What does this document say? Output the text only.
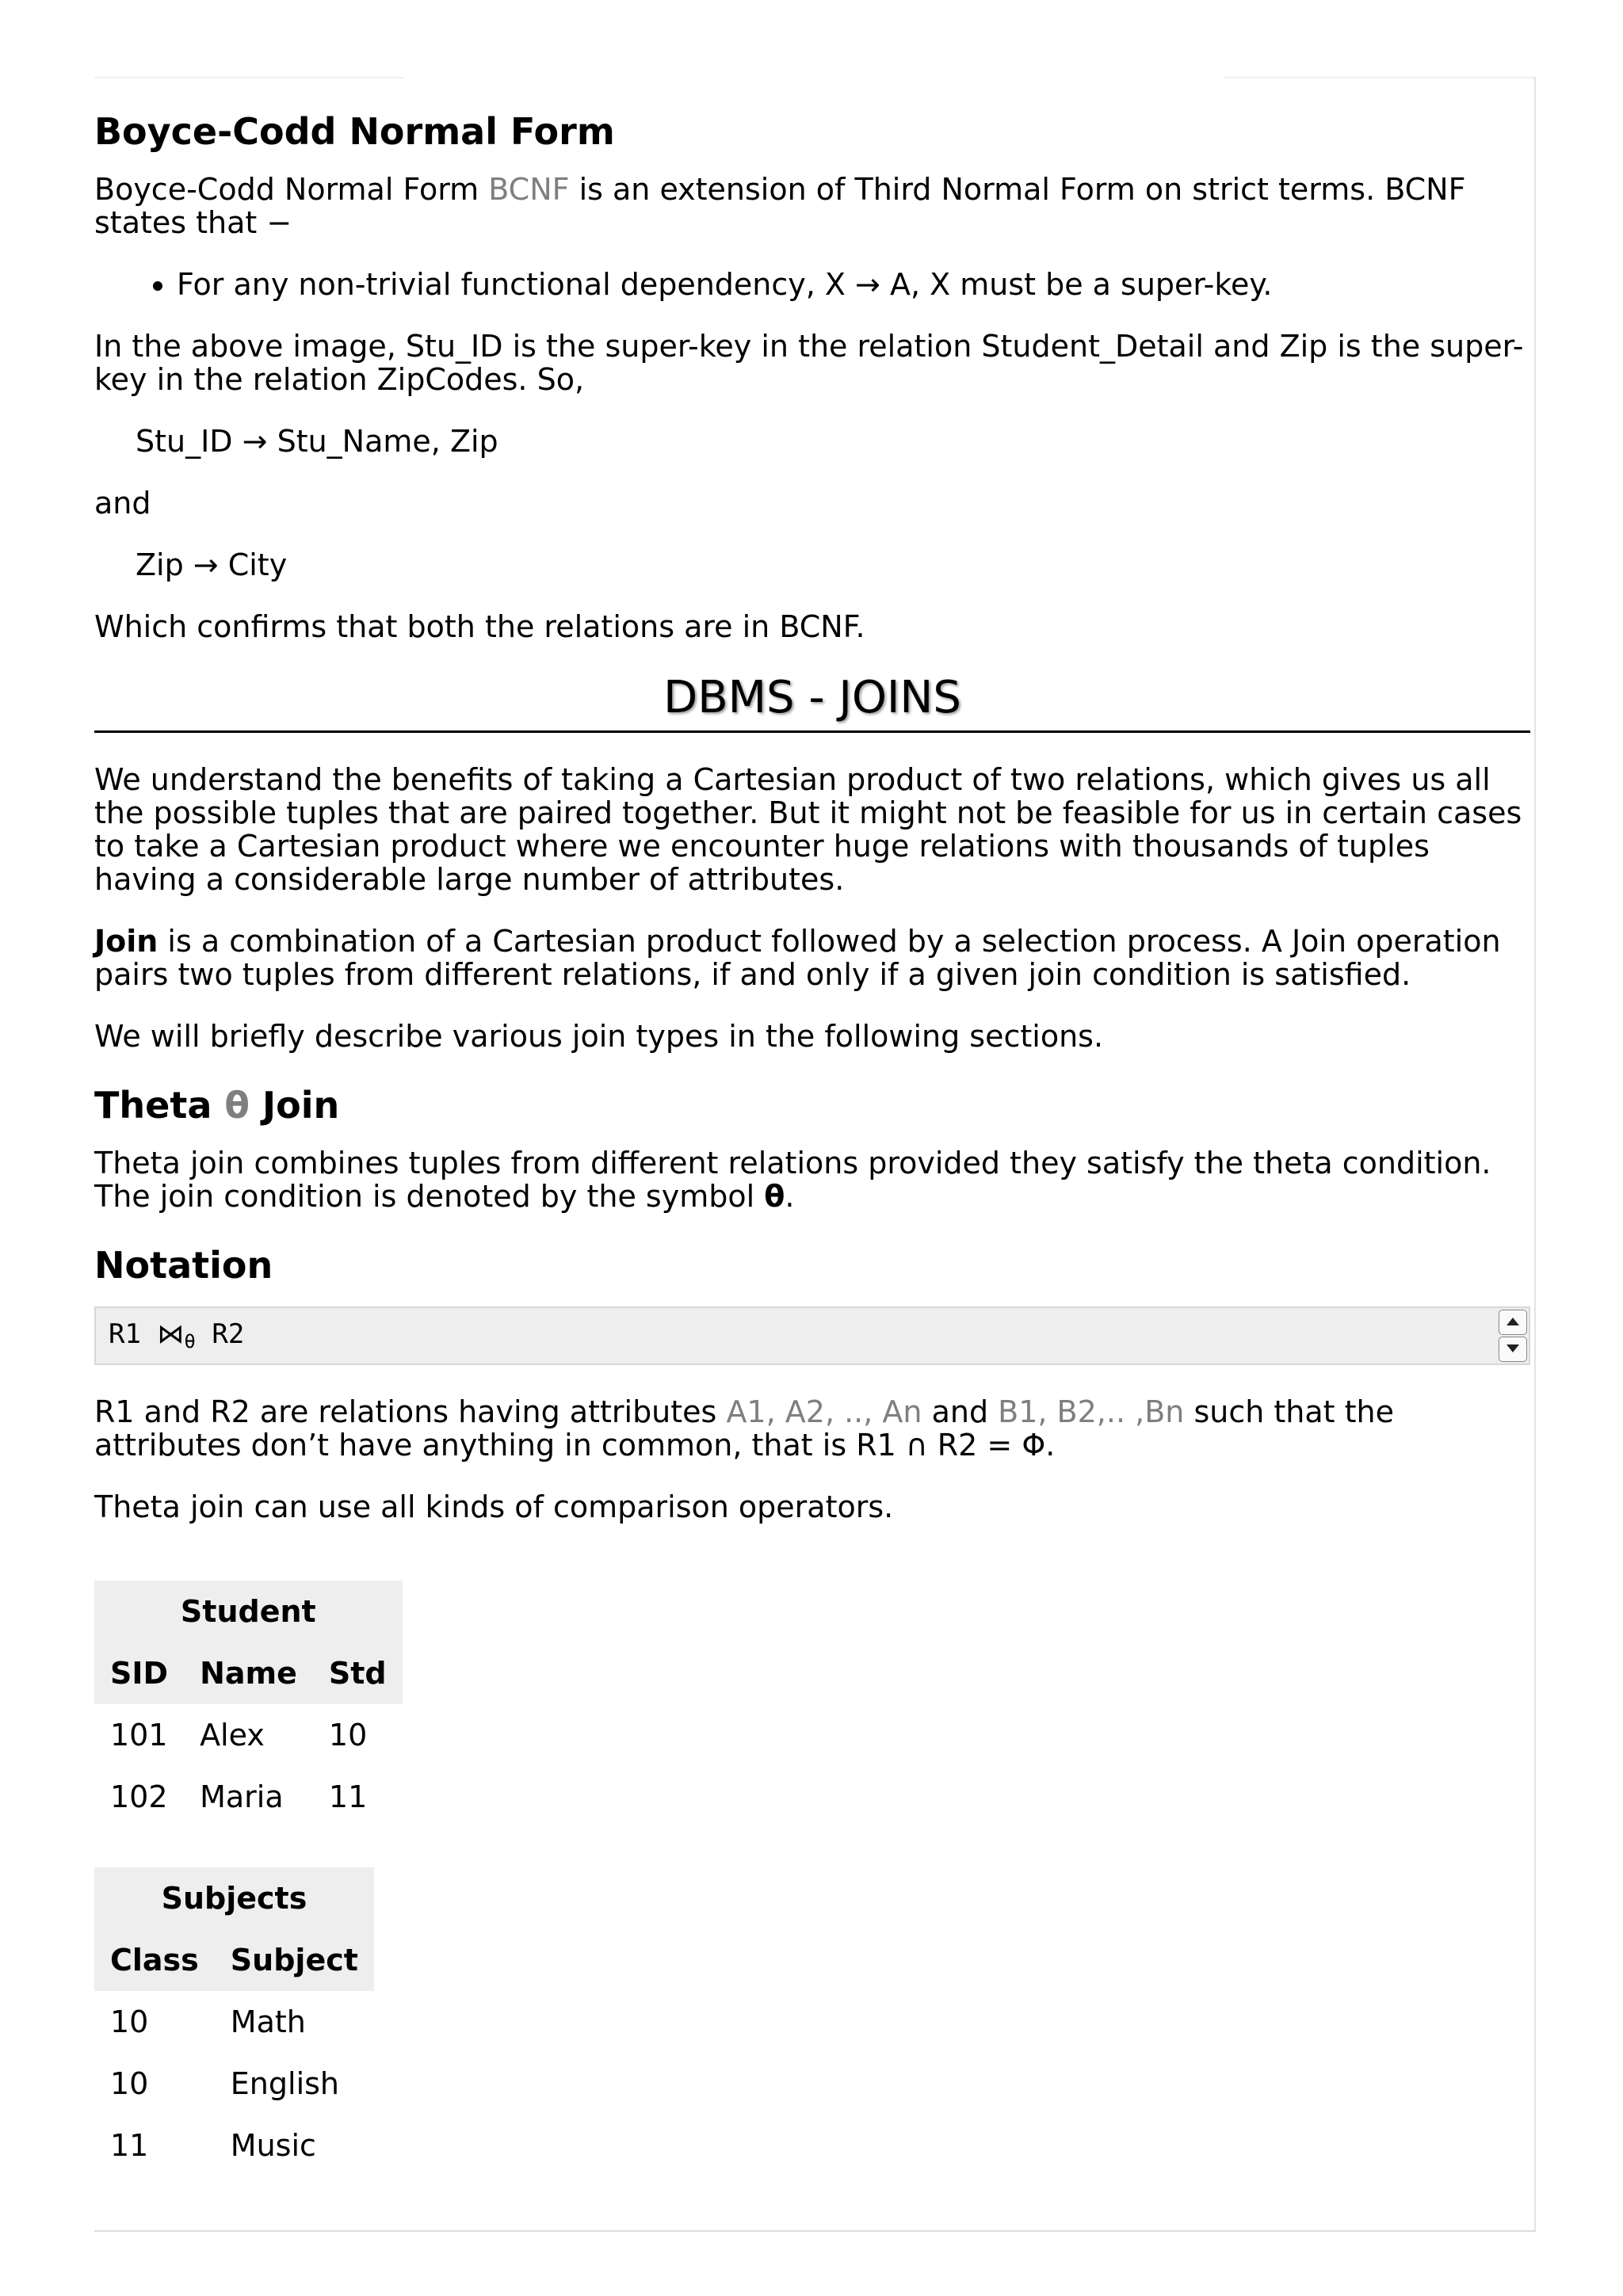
Boyce-Codd Normal Form

Boyce-Codd Normal Form BCNF is an extension of Third Normal Form on strict terms. BCNF states that −

• For any non-trivial functional dependency, X → A, X must be a super-key.

In the above image, Stu_ID is the super-key in the relation Student_Detail and Zip is the super-key in the relation ZipCodes. So,

Stu_ID → Stu_Name, Zip

and

Zip → City

Which confirms that both the relations are in BCNF.

DBMS - JOINS

We understand the benefits of taking a Cartesian product of two relations, which gives us all the possible tuples that are paired together. But it might not be feasible for us in certain cases to take a Cartesian product where we encounter huge relations with thousands of tuples having a considerable large number of attributes.

Join is a combination of a Cartesian product followed by a selection process. A Join operation pairs two tuples from different relations, if and only if a given join condition is satisfied.

We will briefly describe various join types in the following sections.

Theta θ Join

Theta join combines tuples from different relations provided they satisfy the theta condition. The join condition is denoted by the symbol θ.

Notation
R1 $⋈_\theta$ R2

R1 and R2 are relations having attributes A1, A2, .., An and B1, B2,.. ,Bn such that the attributes don’t have anything in common, that is R1 ∩ R2 = Φ.

Theta join can use all kinds of comparison operators.

Student		
SID	Name	Std
101	Alex	10
102	Maria	11
Subjects	
Class	Subject
10	Math
10	English
11	Music
